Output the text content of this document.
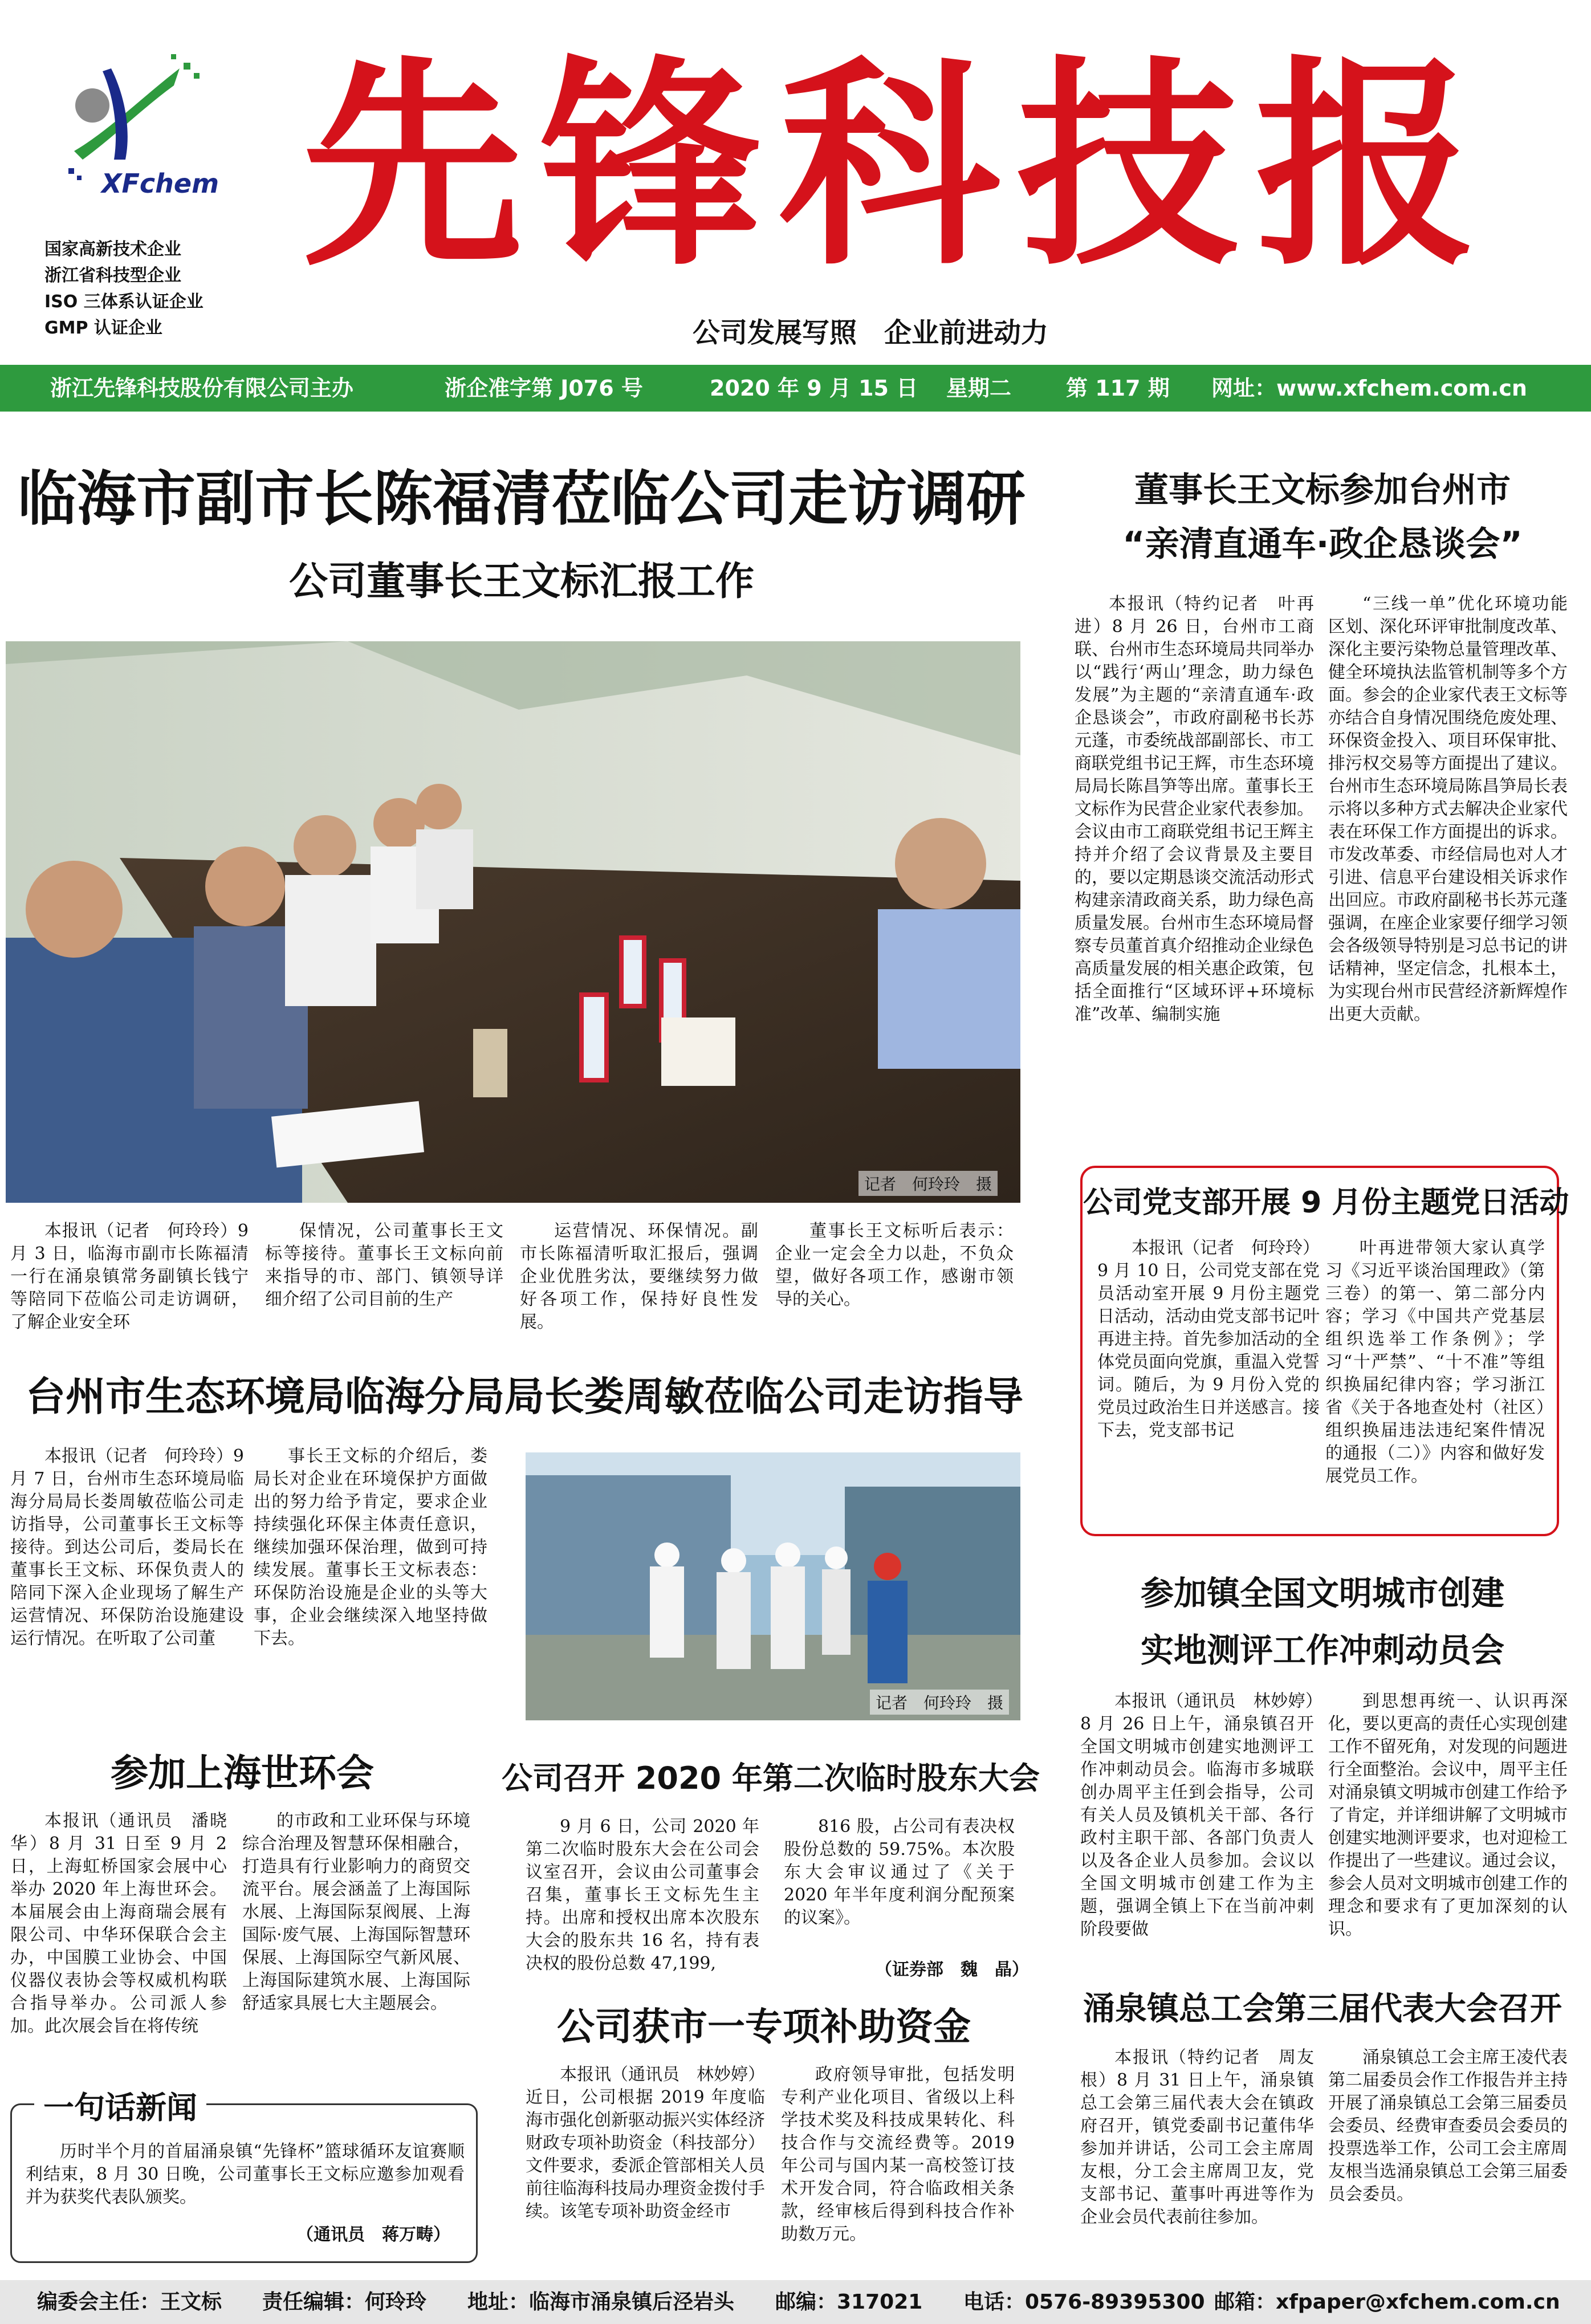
XFchem 先锋科技报
国家高新技术企业
浙江省科技型企业
ISO 三体系认证企业
GMP 认证企业	公司发展写照　企业前进动力
浙江先锋科技股份有限公司主办	浙企准字第 J076 号	2020 年 9 月 15 日 星期二	第 117 期 网址：www.xfchem.com.cn
临海市副市长陈福清莅临公司走访调研
公司董事长王文标汇报工作
记者　何玲玲　摄

本报讯（记者　何玲玲）9 月 3 日，临海市副市长陈福清一行在涌泉镇常务副镇长钱宁等陪同下莅临公司走访调研，了解企业安全环

保情况，公司董事长王文标等接待。董事长王文标向前来指导的市、部门、镇领导详细介绍了公司目前的生产

运营情况、环保情况。副市长陈福清听取汇报后，强调企业优胜劣汰，要继续努力做好各项工作，保持好良性发展。

董事长王文标听后表示：企业一定会全力以赴，不负众望，做好各项工作，感谢市领导的关心。

董事长王文标参加台州市
“亲清直通车·政企恳谈会”

本报讯（特约记者　叶再进）8 月 26 日，台州市工商联、台州市生态环境局共同举办以“践行‘两山’理念，助力绿色发展”为主题的“亲清直通车·政企恳谈会”，市政府副秘书长苏元蓬，市委统战部副部长、市工商联党组书记王辉，市生态环境局局长陈昌笋等出席。董事长王文标作为民营企业家代表参加。会议由市工商联党组书记王辉主持并介绍了会议背景及主要目的，要以定期恳谈交流活动形式构建亲清政商关系，助力绿色高质量发展。台州市生态环境局督察专员董首真介绍推动企业绿色高质量发展的相关惠企政策，包括全面推行“区域环评+环境标准”改革、编制实施

“三线一单”优化环境功能区划、深化环评审批制度改革、深化主要污染物总量管理改革、健全环境执法监管机制等多个方面。参会的企业家代表王文标等亦结合自身情况围绕危废处理、环保资金投入、项目环保审批、排污权交易等方面提出了建议。台州市生态环境局陈昌笋局长表示将以多种方式去解决企业家代表在环保工作方面提出的诉求。市发改革委、市经信局也对人才引进、信息平台建设相关诉求作出回应。市政府副秘书长苏元蓬强调，在座企业家要仔细学习领会各级领导特别是习总书记的讲话精神，坚定信念，扎根本土，为实现台州市民营经济新辉煌作出更大贡献。

公司党支部开展 9 月份主题党日活动

本报讯（记者　何玲玲）9 月 10 日，公司党支部在党员活动室开展 9 月份主题党日活动，活动由党支部书记叶再进主持。首先参加活动的全体党员面向党旗，重温入党誓词。随后，为 9 月份入党的党员过政治生日并送感言。接下去，党支部书记

叶再进带领大家认真学习《习近平谈治国理政》（第三卷）的第一、第二部分内容；学习《中国共产党基层组织选举工作条例》；学习“十严禁”、“十不准”等组织换届纪律内容；学习浙江省《关于各地查处村（社区）组织换届违法违纪案件情况的通报（二）》内容和做好发展党员工作。

台州市生态环境局临海分局局长娄周敏莅临公司走访指导

本报讯（记者　何玲玲）9 月 7 日，台州市生态环境局临海分局局长娄周敏莅临公司走访指导，公司董事长王文标等接待。到达公司后，娄局长在董事长王文标、环保负责人的陪同下深入企业现场了解生产运营情况、环保防治设施建设运行情况。在听取了公司董

事长王文标的介绍后，娄局长对企业在环境保护方面做出的努力给予肯定，要求企业持续强化环保主体责任意识，继续加强环保治理，做到可持续发展。董事长王文标表态：环保防治设施是企业的头等大事，企业会继续深入地坚持做下去。

记者　何玲玲　摄
参加上海世环会

本报讯（通讯员　潘晓华）8 月 31 日至 9 月 2 日，上海虹桥国家会展中心举办 2020 年上海世环会。本届展会由上海商瑞会展有限公司、中华环保联合会主办，中国膜工业协会、中国仪器仪表协会等权威机构联合指导举办。公司派人参加。此次展会旨在将传统

的市政和工业环保与环境综合治理及智慧环保相融合，打造具有行业影响力的商贸交流平台。展会涵盖了上海国际水展、上海国际泵阀展、上海国际·废气展、上海国际智慧环保展、上海国际空气新风展、上海国际建筑水展、上海国际舒适家具展七大主题展会。

一句话新闻

历时半个月的首届涌泉镇“先锋杯”篮球循环友谊赛顺利结束，8 月 30 日晚，公司董事长王文标应邀参加观看并为获奖代表队颁奖。

（通讯员　蒋万畴）
公司召开 2020 年第二次临时股东大会

9 月 6 日，公司 2020 年第二次临时股东大会在公司会议室召开，会议由公司董事会召集，董事长王文标先生主持。出席和授权出席本次股东大会的股东共 16 名，持有表决权的股份总数 47,199,

816 股，占公司有表决权股份总数的 59.75%。本次股东大会审议通过了《关于 2020 年半年度利润分配预案的议案》。

（证券部　魏　晶）
公司获市一专项补助资金

本报讯（通讯员　林妙婷）近日，公司根据 2019 年度临海市强化创新驱动振兴实体经济财政专项补助资金（科技部分）文件要求，委派企管部相关人员前往临海科技局办理资金拨付手续。该笔专项补助资金经市

政府领导审批，包括发明专利产业化项目、省级以上科学技术奖及科技成果转化、科技合作与交流经费等。2019 年公司与国内某一高校签订技术开发合同，符合临政相关条款，经审核后得到科技合作补助数万元。

参加镇全国文明城市创建
实地测评工作冲刺动员会

本报讯（通讯员　林妙婷）8 月 26 日上午，涌泉镇召开全国文明城市创建实地测评工作冲刺动员会。临海市多城联创办周平主任到会指导，公司有关人员及镇机关干部、各行政村主职干部、各部门负责人以及各企业人员参加。会议以全国文明城市创建工作为主题，强调全镇上下在当前冲刺阶段要做

到思想再统一、认识再深化，要以更高的责任心实现创建工作不留死角，对发现的问题进行全面整治。会议中，周平主任对涌泉镇文明城市创建工作给予了肯定，并详细讲解了文明城市创建实地测评要求，也对迎检工作提出了一些建议。通过会议，参会人员对文明城市创建工作的理念和要求有了更加深刻的认识。

涌泉镇总工会第三届代表大会召开

本报讯（特约记者　周友根）8 月 31 日上午，涌泉镇总工会第三届代表大会在镇政府召开，镇党委副书记董伟华参加并讲话，公司工会主席周友根，分工会主席周卫友，党支部书记、董事叶再进等作为企业会员代表前往参加。

涌泉镇总工会主席王凌代表第二届委员会作工作报告并主持开展了涌泉镇总工会第三届委员会委员、经费审查委员会委员的投票选举工作，公司工会主席周友根当选涌泉镇总工会第三届委员会委员。

编委会主任：王文标 责任编辑：何玲玲 地址：临海市涌泉镇后泾岩头 邮编：317021 电话：0576-89395300 邮箱：xfpaper@xfchem.com.cn
